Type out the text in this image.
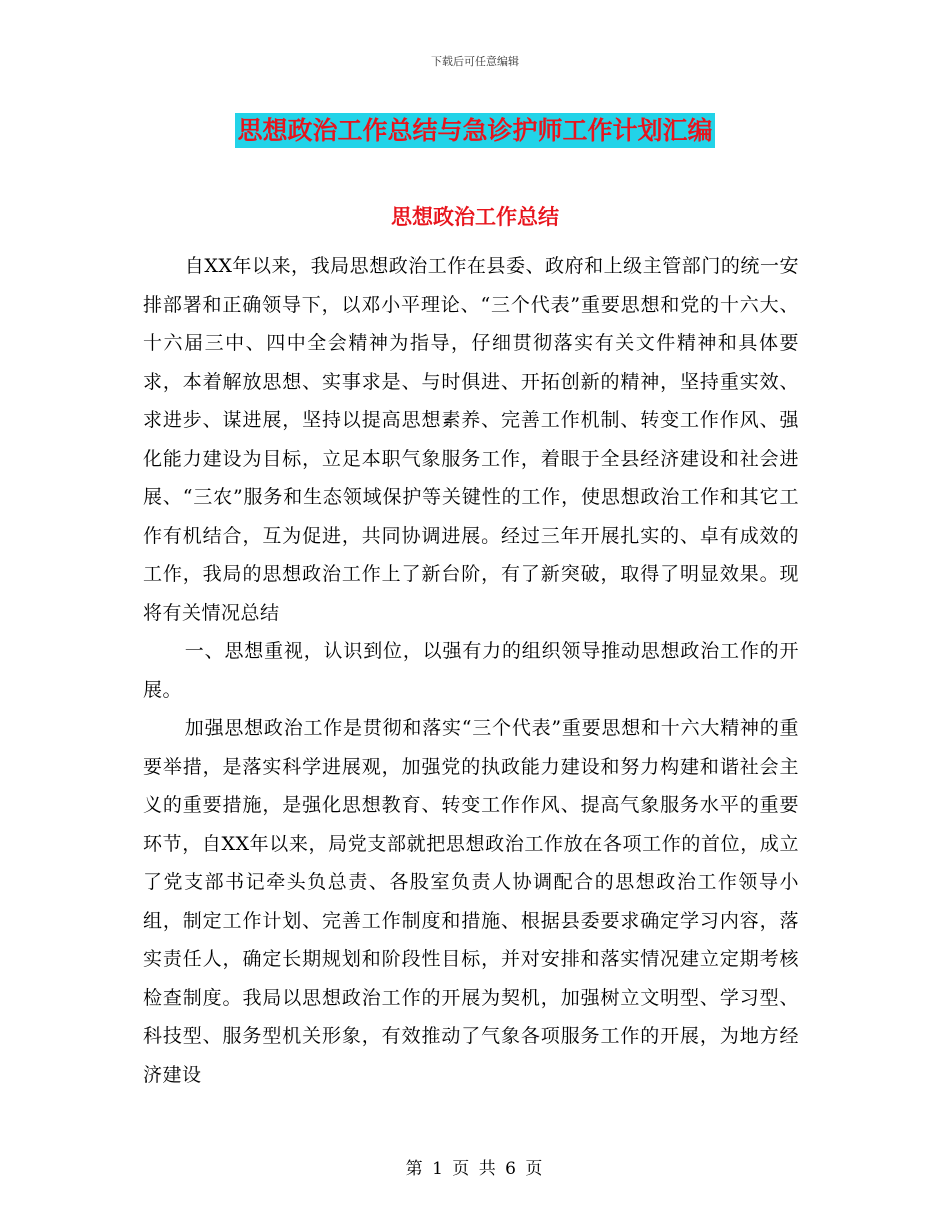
下载后可任意编辑
思想政治工作总结与急诊护师工作计划汇编
思想政治工作总结

自XX年以来，我局思想政治工作在县委、政府和上级主管部门的统一安排部署和正确领导下，以邓小平理论、“三个代表”重要思想和党的十六大、十六届三中、四中全会精神为指导，仔细贯彻落实有关文件精神和具体要求，本着解放思想、实事求是、与时俱进、开拓创新的精神，坚持重实效、求进步、谋进展，坚持以提高思想素养、完善工作机制、转变工作作风、强化能力建设为目标，立足本职气象服务工作，着眼于全县经济建设和社会进展、“三农”服务和生态领域保护等关键性的工作，使思想政治工作和其它工作有机结合，互为促进，共同协调进展。经过三年开展扎实的、卓有成效的工作，我局的思想政治工作上了新台阶，有了新突破，取得了明显效果。现将有关情况总结

一、思想重视，认识到位，以强有力的组织领导推动思想政治工作的开展。

加强思想政治工作是贯彻和落实“三个代表”重要思想和十六大精神的重要举措，是落实科学进展观，加强党的执政能力建设和努力构建和谐社会主义的重要措施，是强化思想教育、转变工作作风、提高气象服务水平的重要环节，自XX年以来，局党支部就把思想政治工作放在各项工作的首位，成立了党支部书记牵头负总责、各股室负责人协调配合的思想政治工作领导小组，制定工作计划、完善工作制度和措施、根据县委要求确定学习内容，落实责任人，确定长期规划和阶段性目标，并对安排和落实情况建立定期考核检查制度。我局以思想政治工作的开展为契机，加强树立文明型、学习型、科技型、服务型机关形象，有效推动了气象各项服务工作的开展，为地方经济建设

第 1 页 共 6 页
